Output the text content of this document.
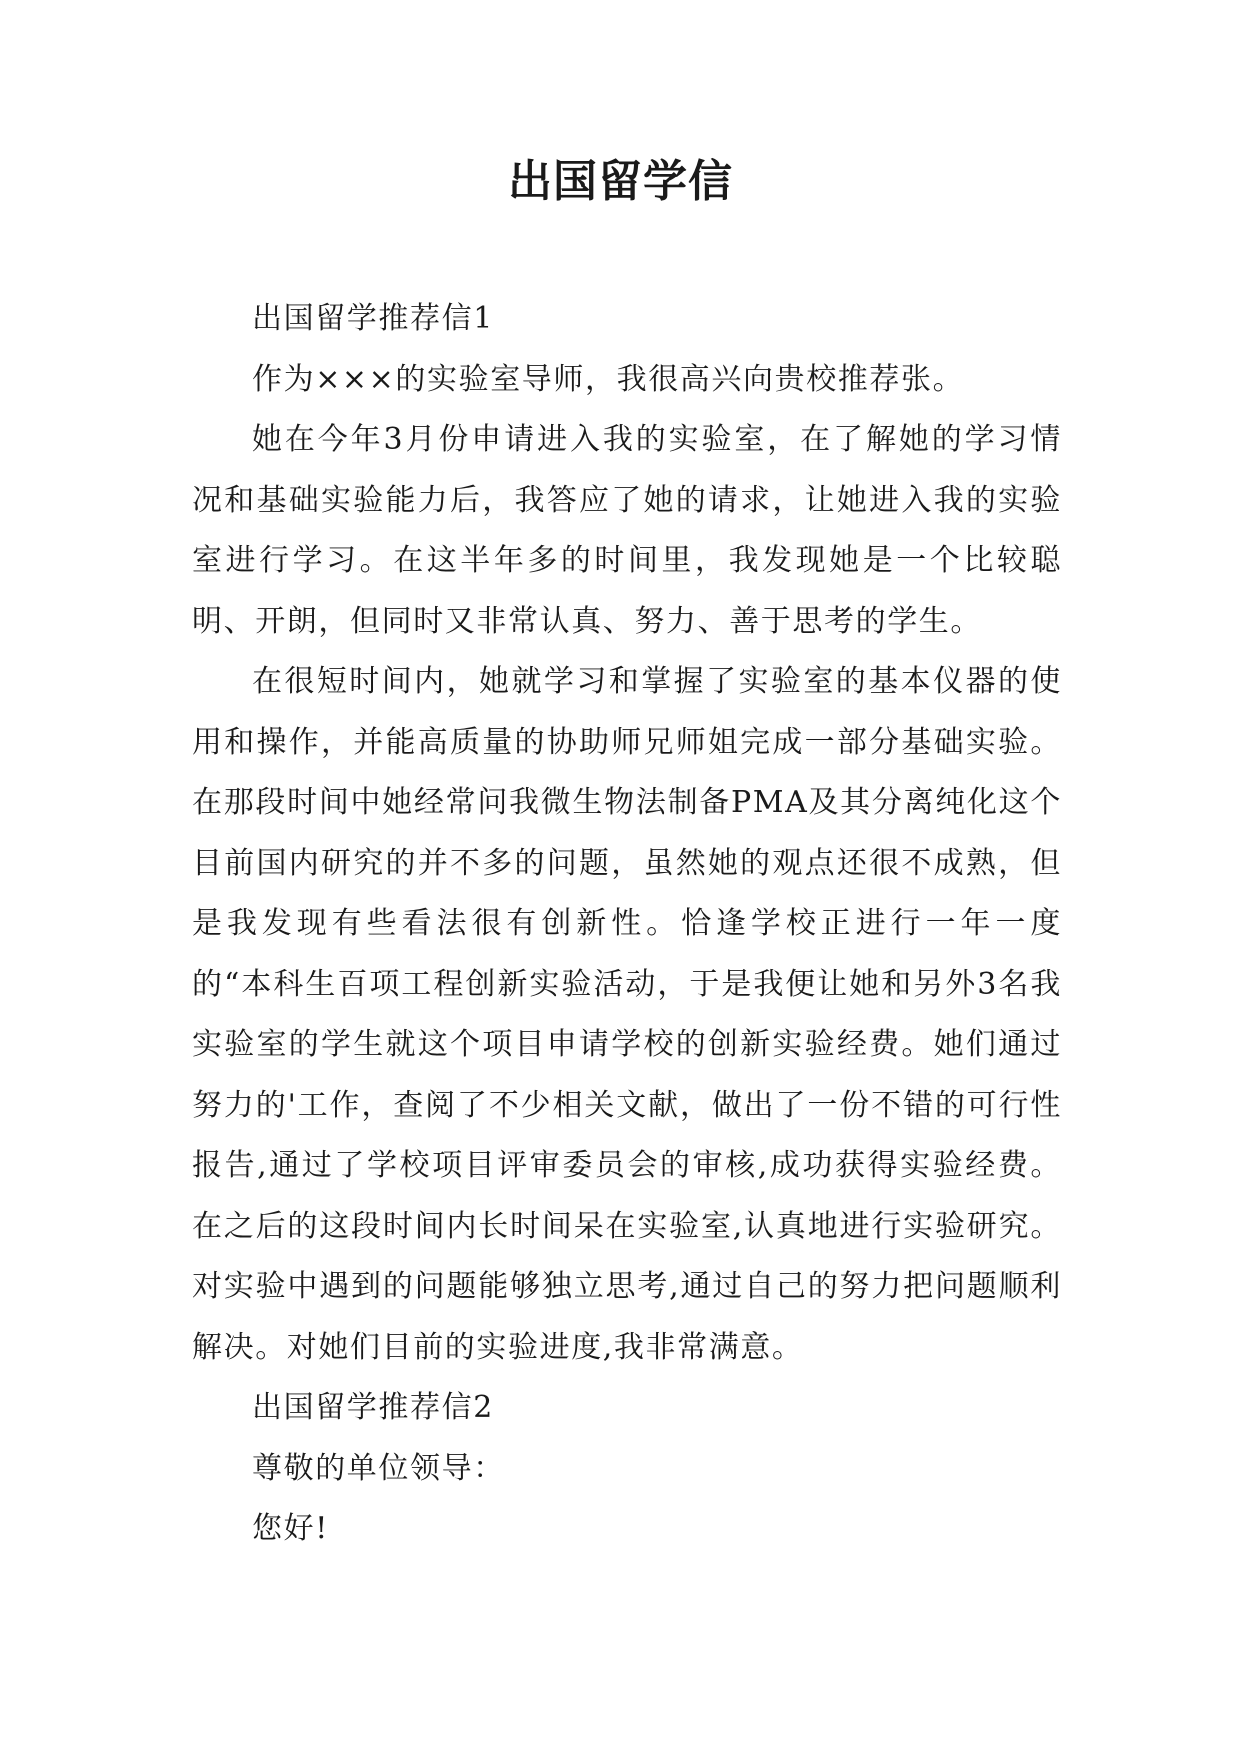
出国留学信

出国留学推荐信1

作为×××的实验室导师，我很高兴向贵校推荐张。

她在今年3月份申请进入我的实验室，在了解她的学习情况和基础实验能力后，我答应了她的请求，让她进入我的实验室进行学习。在这半年多的时间里，我发现她是一个比较聪明、开朗，但同时又非常认真、努力、善于思考的学生。

在很短时间内，她就学习和掌握了实验室的基本仪器的使用和操作，并能高质量的协助师兄师姐完成一部分基础实验。在那段时间中她经常问我微生物法制备PMA及其分离纯化这个目前国内研究的并不多的问题，虽然她的观点还很不成熟，但是我发现有些看法很有创新性。恰逢学校正进行一年一度的“本科生百项工程创新实验活动，于是我便让她和另外3名我实验室的学生就这个项目申请学校的创新实验经费。她们通过努力的'工作，查阅了不少相关文献，做出了一份不错的可行性报告,通过了学校项目评审委员会的审核,成功获得实验经费。在之后的这段时间内长时间呆在实验室,认真地进行实验研究。对实验中遇到的问题能够独立思考,通过自己的努力把问题顺利解决。对她们目前的实验进度,我非常满意。

出国留学推荐信2

尊敬的单位领导：

您好!
